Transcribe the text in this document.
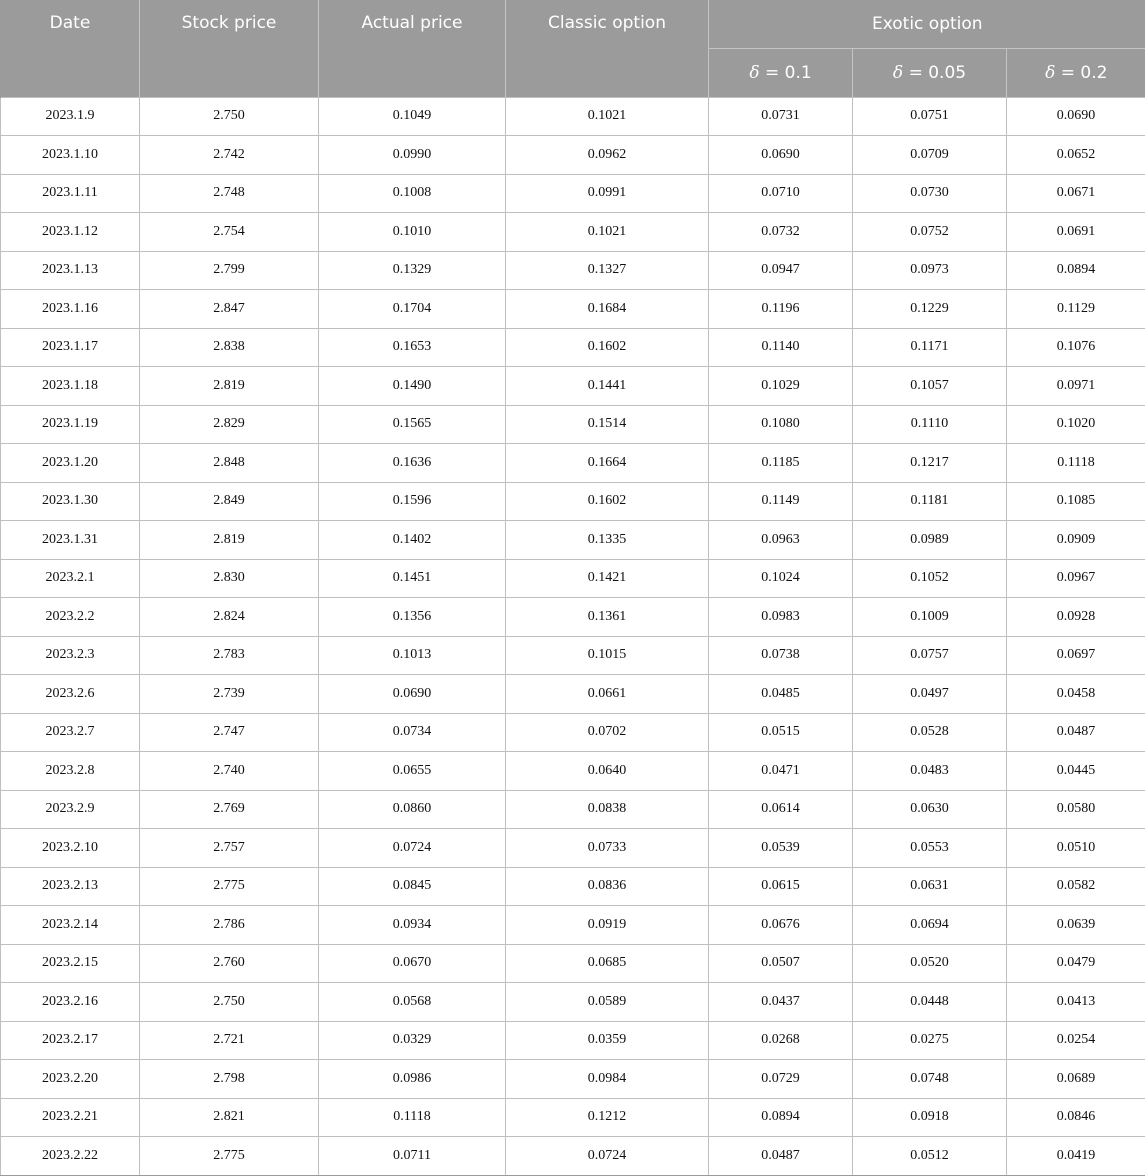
Date	Stock price	Actual price	Classic option	Exotic option		
				δ = 0.1	δ = 0.05	δ = 0.2
2023.1.9	2.750	0.1049	0.1021	0.0731	0.0751	0.0690
2023.1.10	2.742	0.0990	0.0962	0.0690	0.0709	0.0652
2023.1.11	2.748	0.1008	0.0991	0.0710	0.0730	0.0671
2023.1.12	2.754	0.1010	0.1021	0.0732	0.0752	0.0691
2023.1.13	2.799	0.1329	0.1327	0.0947	0.0973	0.0894
2023.1.16	2.847	0.1704	0.1684	0.1196	0.1229	0.1129
2023.1.17	2.838	0.1653	0.1602	0.1140	0.1171	0.1076
2023.1.18	2.819	0.1490	0.1441	0.1029	0.1057	0.0971
2023.1.19	2.829	0.1565	0.1514	0.1080	0.1110	0.1020
2023.1.20	2.848	0.1636	0.1664	0.1185	0.1217	0.1118
2023.1.30	2.849	0.1596	0.1602	0.1149	0.1181	0.1085
2023.1.31	2.819	0.1402	0.1335	0.0963	0.0989	0.0909
2023.2.1	2.830	0.1451	0.1421	0.1024	0.1052	0.0967
2023.2.2	2.824	0.1356	0.1361	0.0983	0.1009	0.0928
2023.2.3	2.783	0.1013	0.1015	0.0738	0.0757	0.0697
2023.2.6	2.739	0.0690	0.0661	0.0485	0.0497	0.0458
2023.2.7	2.747	0.0734	0.0702	0.0515	0.0528	0.0487
2023.2.8	2.740	0.0655	0.0640	0.0471	0.0483	0.0445
2023.2.9	2.769	0.0860	0.0838	0.0614	0.0630	0.0580
2023.2.10	2.757	0.0724	0.0733	0.0539	0.0553	0.0510
2023.2.13	2.775	0.0845	0.0836	0.0615	0.0631	0.0582
2023.2.14	2.786	0.0934	0.0919	0.0676	0.0694	0.0639
2023.2.15	2.760	0.0670	0.0685	0.0507	0.0520	0.0479
2023.2.16	2.750	0.0568	0.0589	0.0437	0.0448	0.0413
2023.2.17	2.721	0.0329	0.0359	0.0268	0.0275	0.0254
2023.2.20	2.798	0.0986	0.0984	0.0729	0.0748	0.0689
2023.2.21	2.821	0.1118	0.1212	0.0894	0.0918	0.0846
2023.2.22	2.775	0.0711	0.0724	0.0487	0.0512	0.0419
